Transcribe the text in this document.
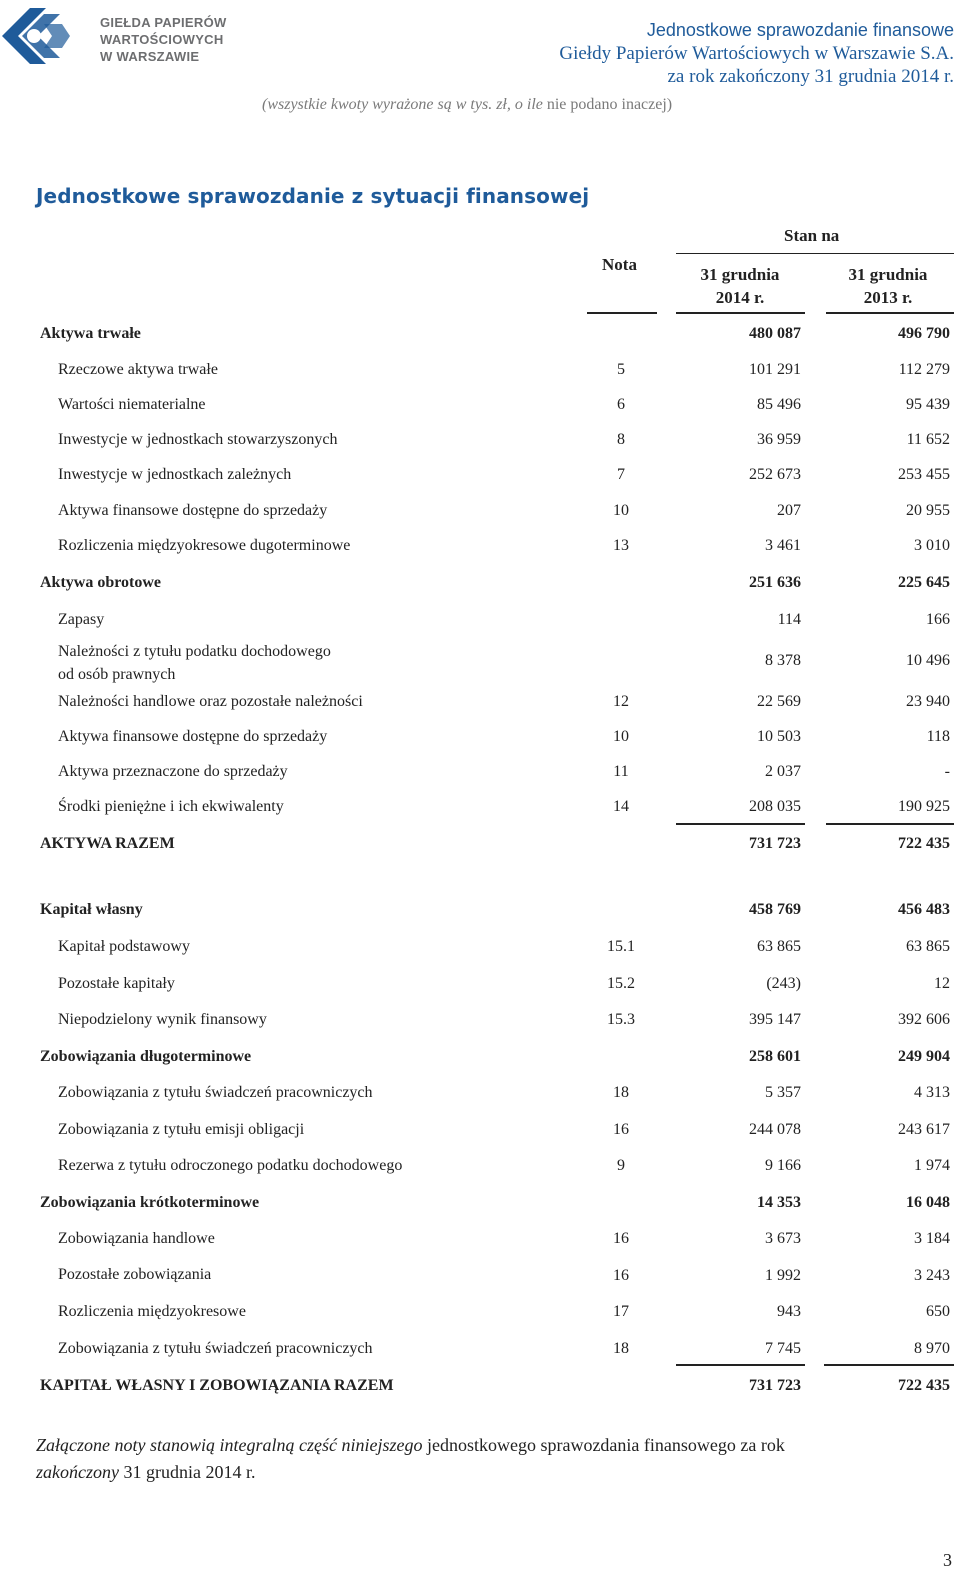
GIEŁDA PAPIERÓW
WARTOŚCIOWYCH
W WARSZAWIE
Jednostkowe sprawozdanie finansowe
Giełdy Papierów Wartościowych w Warszawie S.A.
za rok zakończony 31 grudnia 2014 r.
(wszystkie kwoty wyrażone są w tys. zł, o ile nie podano inaczej)
Jednostkowe sprawozdanie z sytuacji finansowej
Stan na
Nota
31 grudnia
2014 r.
31 grudnia
2013 r.
Aktywa trwałe	480 087	496 790
Rzeczowe aktywa trwałe	5	101 291	112 279
Wartości niematerialne	6	85 496	95 439
Inwestycje w jednostkach stowarzyszonych	8	36 959	11 652
Inwestycje w jednostkach zależnych	7	252 673	253 455
Aktywa finansowe dostępne do sprzedaży	10	207	20 955
Rozliczenia międzyokresowe dugoterminowe	13	3 461	3 010
Aktywa obrotowe	251 636	225 645
Zapasy	114	166
Należności z tytułu podatku dochodowego
od osób prawnych
8 378	10 496
Należności handlowe oraz pozostałe należności	12	22 569	23 940
Aktywa finansowe dostępne do sprzedaży	10	10 503	118
Aktywa przeznaczone do sprzedaży	11	2 037	-
Środki pieniężne i ich ekwiwalenty	14	208 035	190 925
AKTYWA RAZEM	731 723	722 435
Kapitał własny	458 769	456 483
Kapitał podstawowy	15.1	63 865	63 865
Pozostałe kapitały	15.2	(243)	12
Niepodzielony wynik finansowy	15.3	395 147	392 606
Zobowiązania długoterminowe	258 601	249 904
Zobowiązania z tytułu świadczeń pracowniczych	18	5 357	4 313
Zobowiązania z tytułu emisji obligacji	16	244 078	243 617
Rezerwa z tytułu odroczonego podatku dochodowego	9	9 166	1 974
Zobowiązania krótkoterminowe	14 353	16 048
Zobowiązania handlowe	16	3 673	3 184
Pozostałe zobowiązania	16	1 992	3 243
Rozliczenia międzyokresowe	17	943	650
Zobowiązania z tytułu świadczeń pracowniczych	18	7 745	8 970
KAPITAŁ WŁASNY I ZOBOWIĄZANIA RAZEM	731 723	722 435
Załączone noty stanowią integralną część niniejszego jednostkowego sprawozdania finansowego za rok
zakończony 31 grudnia 2014 r.
3
